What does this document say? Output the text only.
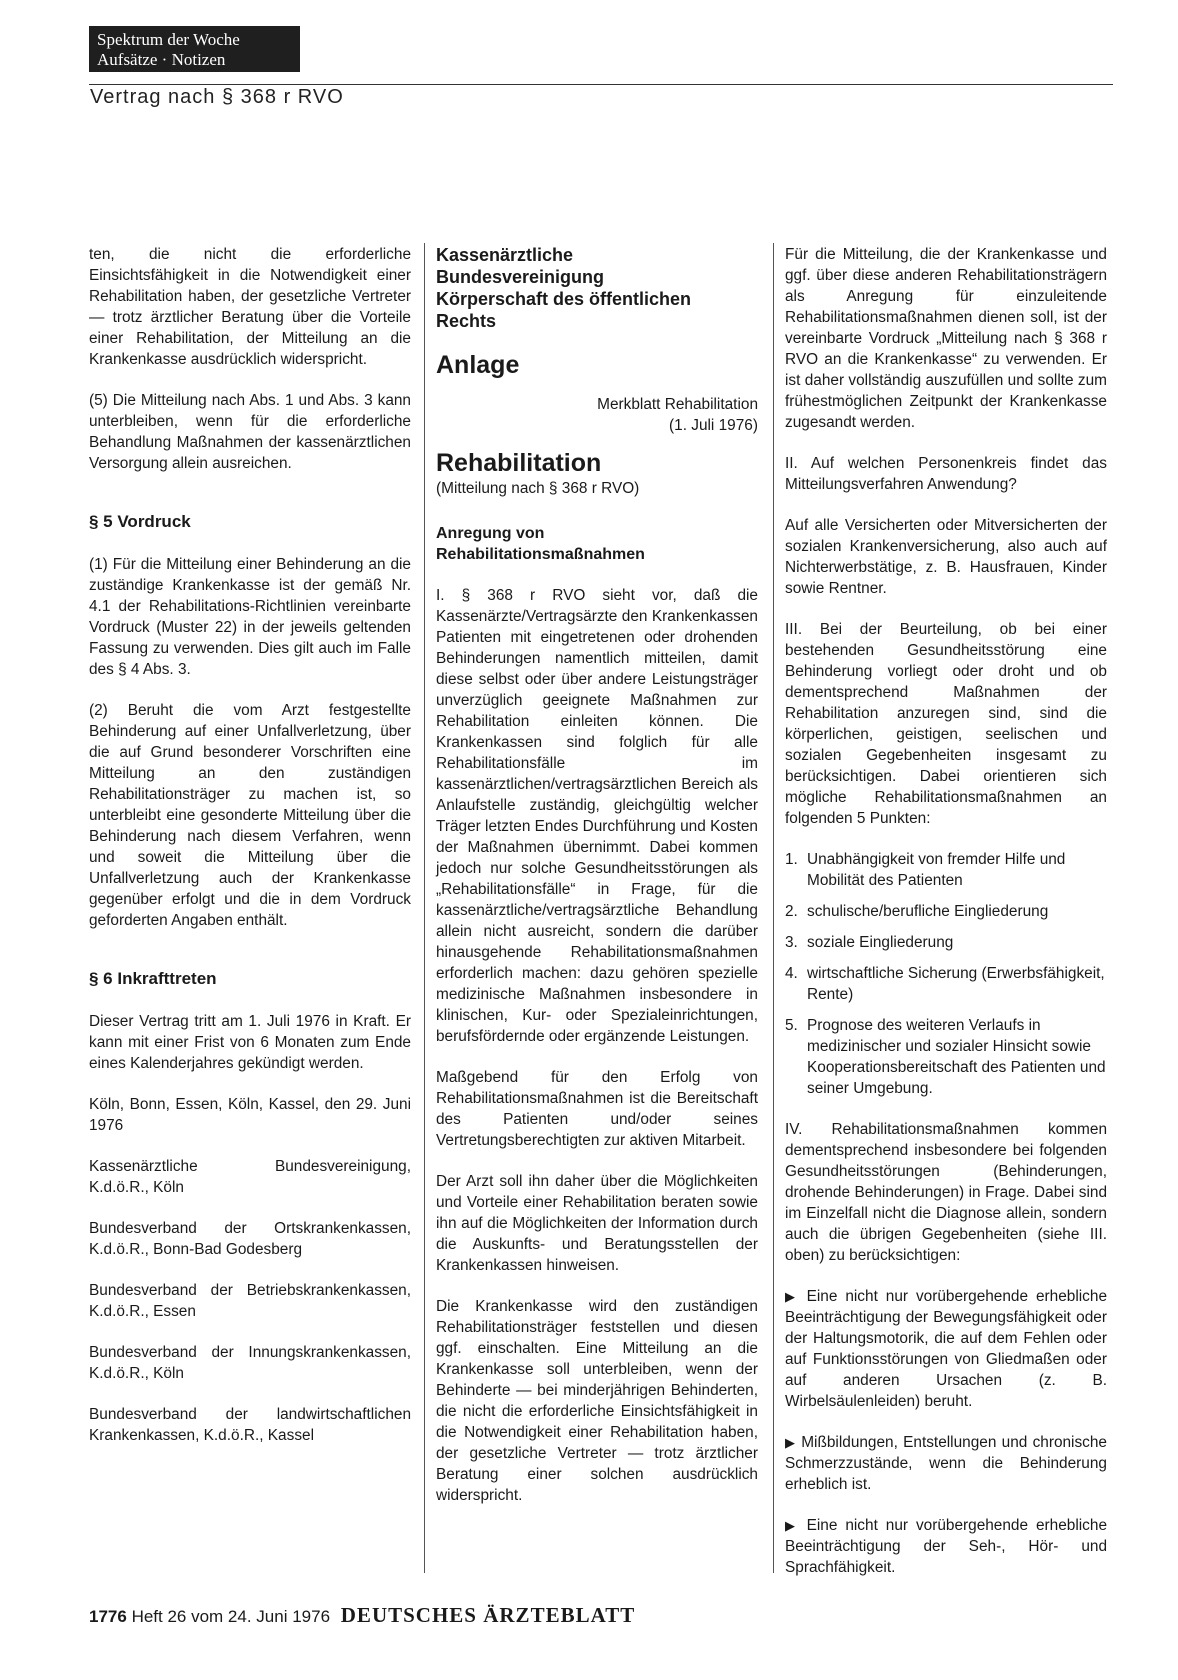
Spektrum der Woche
Aufsätze · Notizen
Vertrag nach § 368 r RVO

ten, die nicht die erforderliche Einsichtsfähigkeit in die Notwendigkeit einer Rehabilitation haben, der gesetzliche Vertreter — trotz ärztlicher Beratung über die Vorteile einer Rehabilitation, der Mitteilung an die Krankenkasse ausdrücklich widerspricht.

(5) Die Mitteilung nach Abs. 1 und Abs. 3 kann unterbleiben, wenn für die erforderliche Behandlung Maßnahmen der kassenärztlichen Versorgung allein ausreichen.

§ 5 Vordruck

(1) Für die Mitteilung einer Behinderung an die zuständige Krankenkasse ist der gemäß Nr. 4.1 der Rehabilitations-Richtlinien vereinbarte Vordruck (Muster 22) in der jeweils geltenden Fassung zu verwenden. Dies gilt auch im Falle des § 4 Abs. 3.

(2) Beruht die vom Arzt festgestellte Behinderung auf einer Unfallverletzung, über die auf Grund besonderer Vorschriften eine Mitteilung an den zuständigen Rehabilitationsträger zu machen ist, so unterbleibt eine gesonderte Mitteilung über die Behinderung nach diesem Verfahren, wenn und soweit die Mitteilung über die Unfallverletzung auch der Krankenkasse gegenüber erfolgt und die in dem Vordruck geforderten Angaben enthält.

§ 6 Inkrafttreten

Dieser Vertrag tritt am 1. Juli 1976 in Kraft. Er kann mit einer Frist von 6 Monaten zum Ende eines Kalenderjahres gekündigt werden.

Köln, Bonn, Essen, Köln, Kassel, den 29. Juni 1976

Kassenärztliche	Bundesvereinigung,

K.d.ö.R., Köln

Bundesverband der Ortskrankenkassen, K.d.ö.R., Bonn-Bad Godesberg

Bundesverband der Betriebskrankenkassen, K.d.ö.R., Essen

Bundesverband der Innungskrankenkassen, K.d.ö.R., Köln

Bundesverband der landwirtschaftlichen Krankenkassen, K.d.ö.R., Kassel

Kassenärztliche

Bundesvereinigung

Körperschaft des öffentlichen

Rechts

Anlage

Merkblatt Rehabilitation

(1. Juli 1976)

Rehabilitation

(Mitteilung nach § 368 r RVO)

Anregung von

Rehabilitationsmaßnahmen

I. § 368 r RVO sieht vor, daß die Kassenärzte/Vertragsärzte den Krankenkassen Patienten mit eingetretenen oder drohenden Behinderungen namentlich mitteilen, damit diese selbst oder über andere Leistungsträger unverzüglich geeignete Maßnahmen zur Rehabilitation einleiten können. Die Krankenkassen sind folglich für alle Rehabilitationsfälle im kassenärztlichen/vertragsärztlichen Bereich als Anlaufstelle zuständig, gleichgültig welcher Träger letzten Endes Durchführung und Kosten der Maßnahmen übernimmt. Dabei kommen jedoch nur solche Gesundheitsstörungen als „Rehabilitationsfälle“ in Frage, für die kassenärztliche/vertragsärztliche Behandlung allein nicht ausreicht, sondern die darüber hinausgehende Rehabilitationsmaßnahmen erforderlich machen: dazu gehören spezielle medizinische Maßnahmen insbesondere in klinischen, Kur- oder Spezialeinrichtungen, berufsfördernde oder ergänzende Leistungen.

Maßgebend für den Erfolg von Rehabilitationsmaßnahmen ist die Bereitschaft des Patienten und/oder seines Vertretungsberechtigten zur aktiven Mitarbeit.

Der Arzt soll ihn daher über die Möglichkeiten und Vorteile einer Rehabilitation beraten sowie ihn auf die Möglichkeiten der Information durch die Auskunfts- und Beratungsstellen der Krankenkassen hinweisen.

Die Krankenkasse wird den zuständigen Rehabilitationsträger feststellen und diesen ggf. einschalten. Eine Mitteilung an die Krankenkasse soll unterbleiben, wenn der Behinderte — bei minderjährigen Behinderten, die nicht die erforderliche Einsichtsfähigkeit in die Notwendigkeit einer Rehabilitation haben, der gesetzliche Vertreter — trotz ärztlicher Beratung einer solchen ausdrücklich widerspricht.

Für die Mitteilung, die der Krankenkasse und ggf. über diese anderen Rehabilitationsträgern als Anregung für einzuleitende Rehabilitationsmaßnahmen dienen soll, ist der vereinbarte Vordruck „Mitteilung nach § 368 r RVO an die Krankenkasse“ zu verwenden. Er ist daher vollständig auszufüllen und sollte zum frühestmöglichen Zeitpunkt der Krankenkasse zugesandt werden.

II. Auf welchen Personenkreis findet das Mitteilungsverfahren Anwendung?

Auf alle Versicherten oder Mitversicherten der sozialen Krankenversicherung, also auch auf Nichterwerbstätige, z. B. Hausfrauen, Kinder sowie Rentner.

III. Bei der Beurteilung, ob bei einer bestehenden Gesundheitsstörung eine Behinderung vorliegt oder droht und ob dementsprechend Maßnahmen der Rehabilitation anzuregen sind, sind die körperlichen, geistigen, seelischen und sozialen Gegebenheiten insgesamt zu berücksichtigen. Dabei orientieren sich mögliche Rehabilitationsmaßnahmen an folgenden 5 Punkten:

1. Unabhängigkeit von fremder Hilfe und Mobilität des Patienten
2. schulische/berufliche Eingliederung
3. soziale Eingliederung
4. wirtschaftliche Sicherung (Erwerbsfähigkeit, Rente)
5. Prognose des weiteren Verlaufs in medizinischer und sozialer Hinsicht sowie Kooperationsbereitschaft des Patienten und seiner Umgebung.

IV. Rehabilitationsmaßnahmen kommen dementsprechend insbesondere bei folgenden Gesundheitsstörungen (Behinderungen, drohende Behinderungen) in Frage. Dabei sind im Einzelfall nicht die Diagnose allein, sondern auch die übrigen Gegebenheiten (siehe III. oben) zu berücksichtigen:

▶ Eine nicht nur vorübergehende erhebliche Beeinträchtigung der Bewegungsfähigkeit oder der Haltungsmotorik, die auf dem Fehlen oder auf Funktionsstörungen von Gliedmaßen oder auf anderen Ursachen (z. B. Wirbelsäulenleiden) beruht.

▶ Mißbildungen, Entstellungen und chronische Schmerzzustände, wenn die Behinderung erheblich ist.

▶ Eine nicht nur vorübergehende erhebliche Beeinträchtigung der Seh-, Hör- und Sprachfähigkeit.

1776 Heft 26 vom 24. Juni 1976 DEUTSCHES ÄRZTEBLATT
